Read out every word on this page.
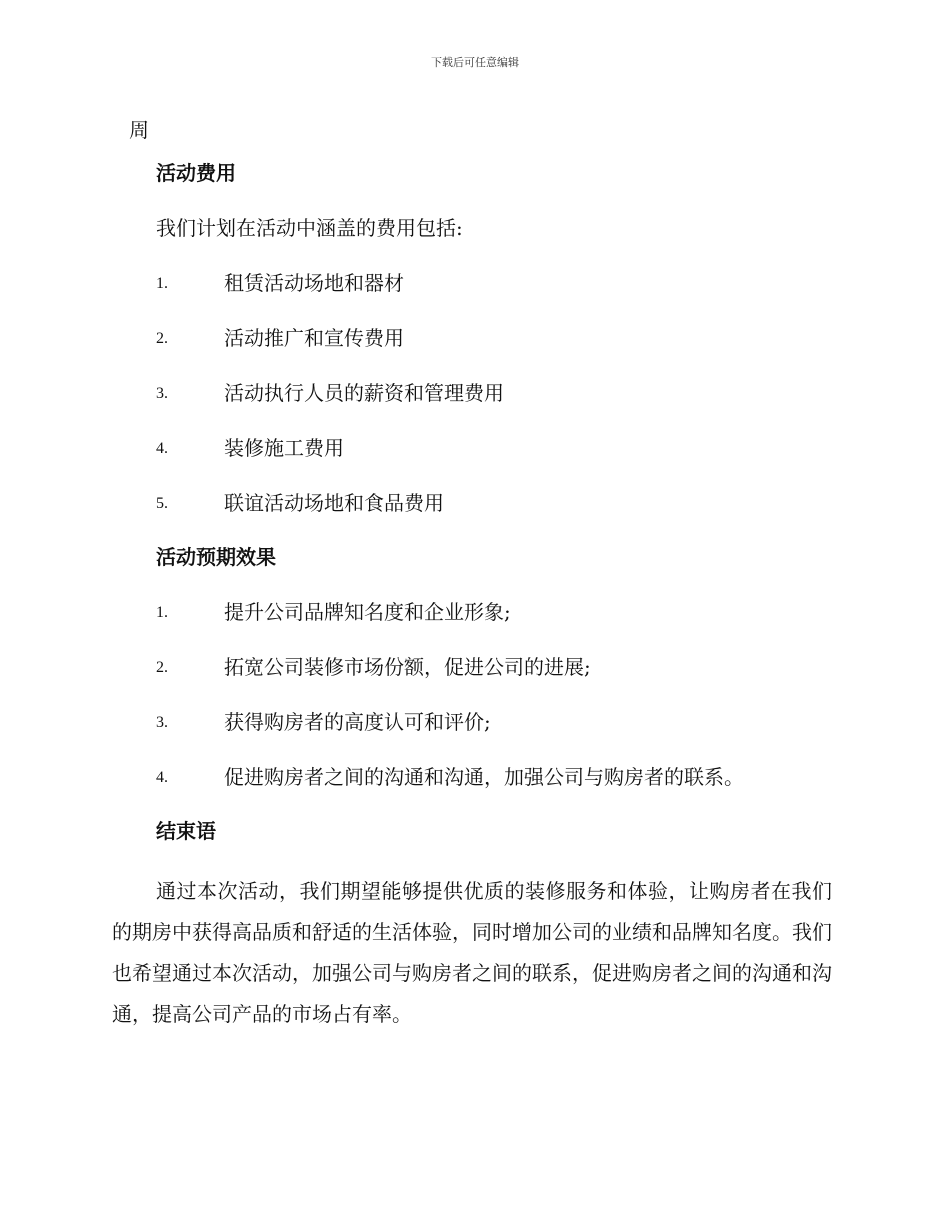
下载后可任意编辑
周
活动费用
我们计划在活动中涵盖的费用包括:
1.	租赁活动场地和器材
2.	活动推广和宣传费用
3.	活动执行人员的薪资和管理费用
4.	装修施工费用
5.	联谊活动场地和食品费用
活动预期效果
1.	提升公司品牌知名度和企业形象;
2.	拓宽公司装修市场份额，促进公司的进展;
3.	获得购房者的高度认可和评价;
4.	促进购房者之间的沟通和沟通，加强公司与购房者的联系。
结束语

通过本次活动，我们期望能够提供优质的装修服务和体验，让购房者在我们的期房中获得高品质和舒适的生活体验，同时增加公司的业绩和品牌知名度。我们也希望通过本次活动，加强公司与购房者之间的联系，促进购房者之间的沟通和沟通，提高公司产品的市场占有率。
